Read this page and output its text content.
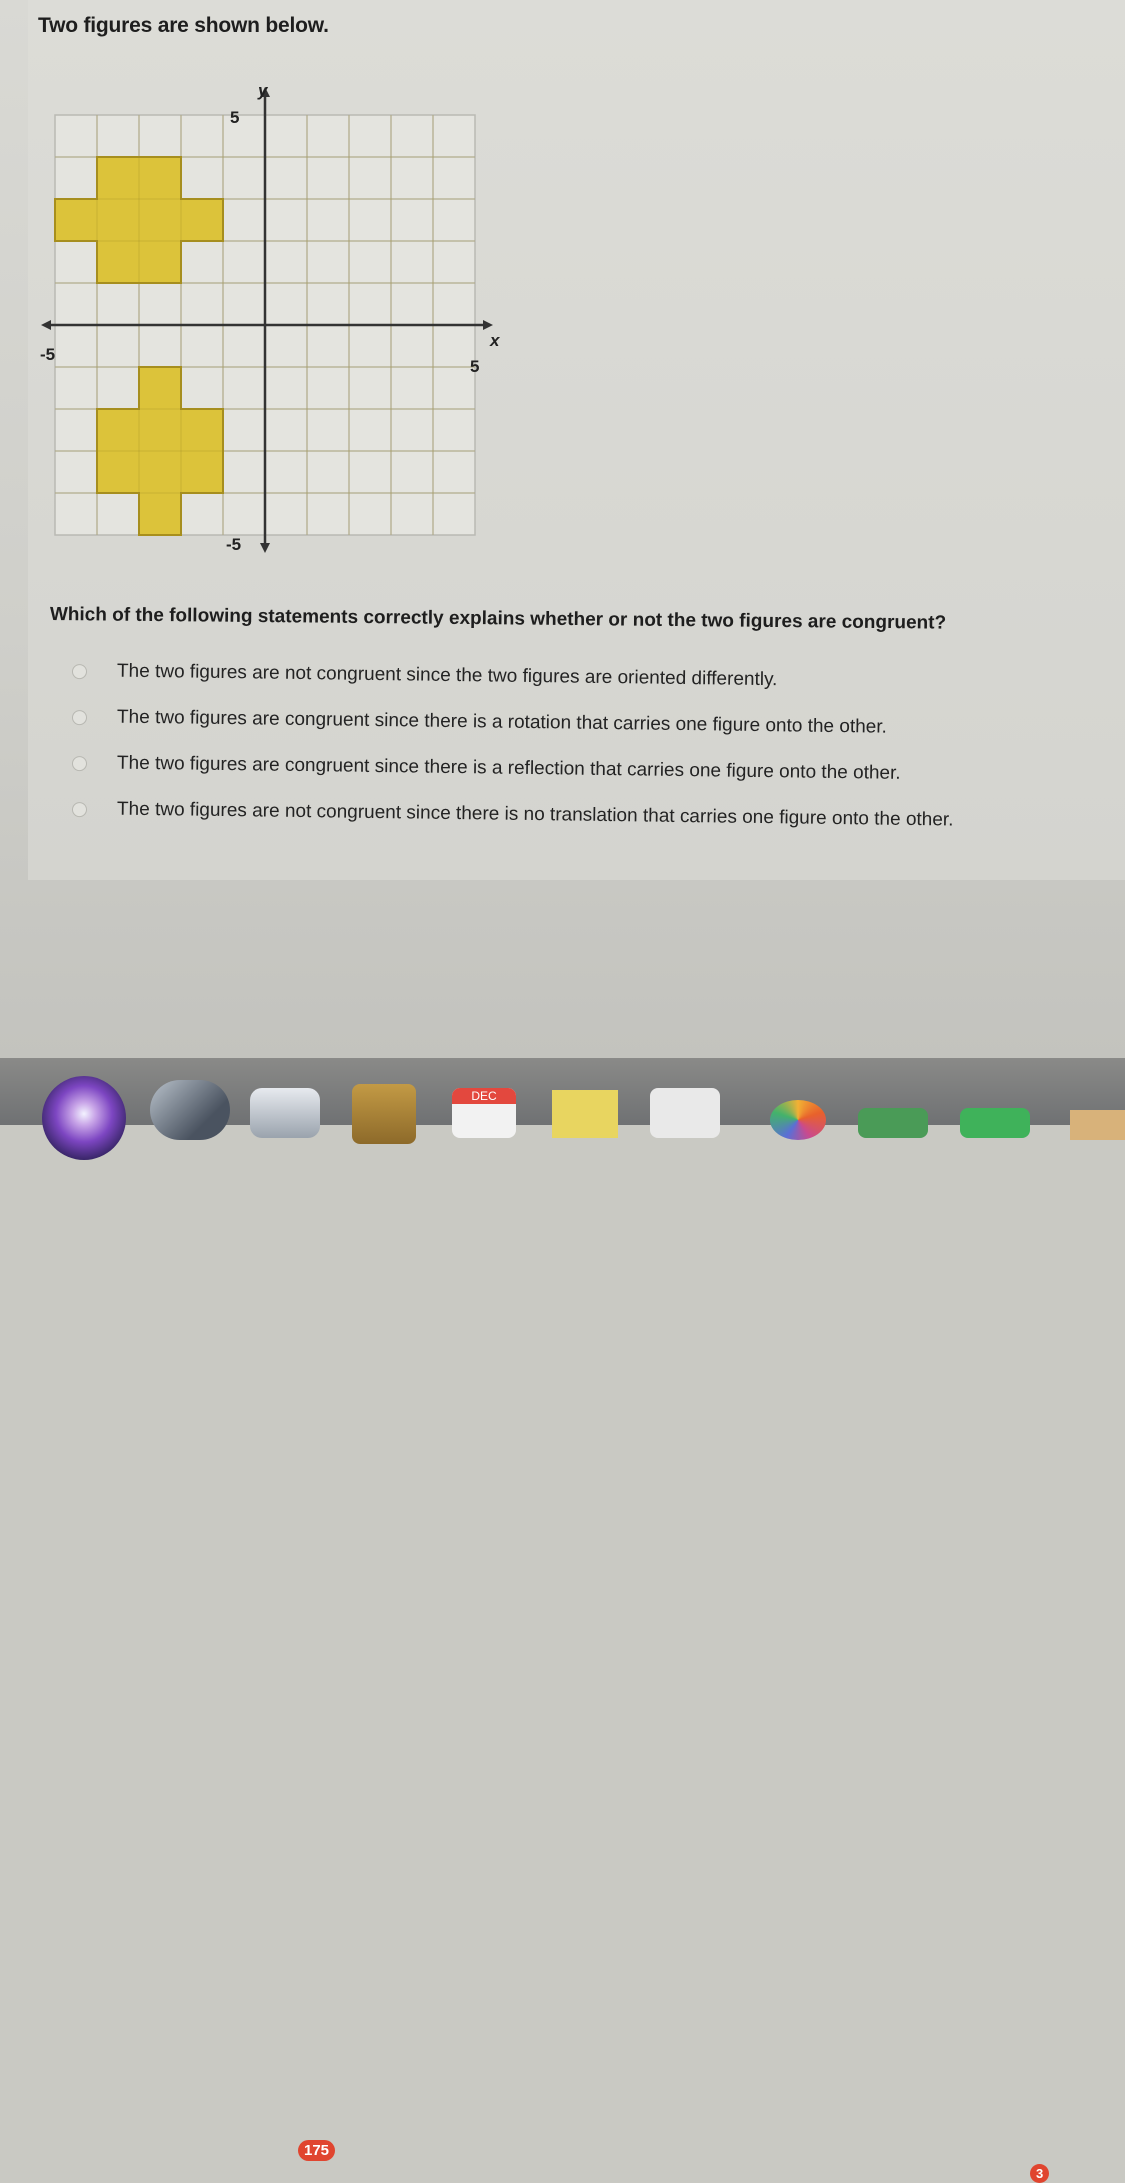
Two figures are shown below.
5
-5
5
-5
x
y
Which of the following statements correctly explains whether or not the two figures are congruent?
The two figures are not congruent since the two figures are oriented differently.
The two figures are congruent since there is a rotation that carries one figure onto the other.
The two figures are congruent since there is a reflection that carries one figure onto the other.
The two figures are not congruent since there is no translation that carries one figure onto the other.
175
DEC
3
